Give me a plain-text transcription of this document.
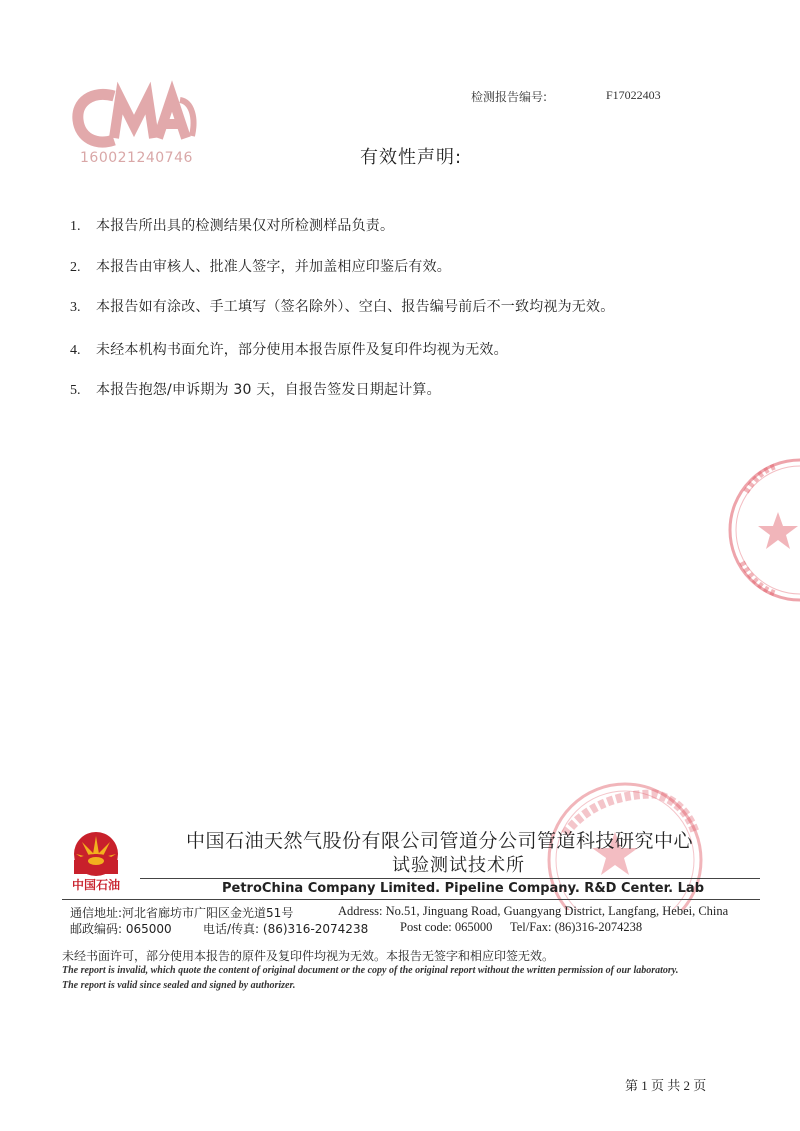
160021240746
检测报告编号:	F17022403
有效性声明:
1. 本报告所出具的检测结果仅对所检测样品负责。
2. 本报告由审核人、批准人签字，并加盖相应印鉴后有效。
3. 本报告如有涂改、手工填写（签名除外）、空白、报告编号前后不一致均视为无效。
4. 未经本机构书面允许，部分使用本报告原件及复印件均视为无效。
5. 本报告抱怨/申诉期为 30 天，自报告签发日期起计算。
中国石油
中国石油天然气股份有限公司管道分公司管道科技研究中心
试验测试技术所
PetroChina Company Limited. Pipeline Company. R&D Center. Lab
通信地址:河北省廊坊市广阳区金光道51号	Address: No.51, Jinguang Road, Guangyang District, Langfang, Hebei, China
邮政编码: 065000	电话/传真: (86)316-2074238	Post code: 065000 Tel/Fax: (86)316-2074238
未经书面许可，部分使用本报告的原件及复印件均视为无效。本报告无签字和相应印签无效。
The report is invalid, which quote the content of original document or the copy of the original report without the written permission of our laboratory.
The report is valid since sealed and signed by authorizer.
第 1 页 共 2 页
